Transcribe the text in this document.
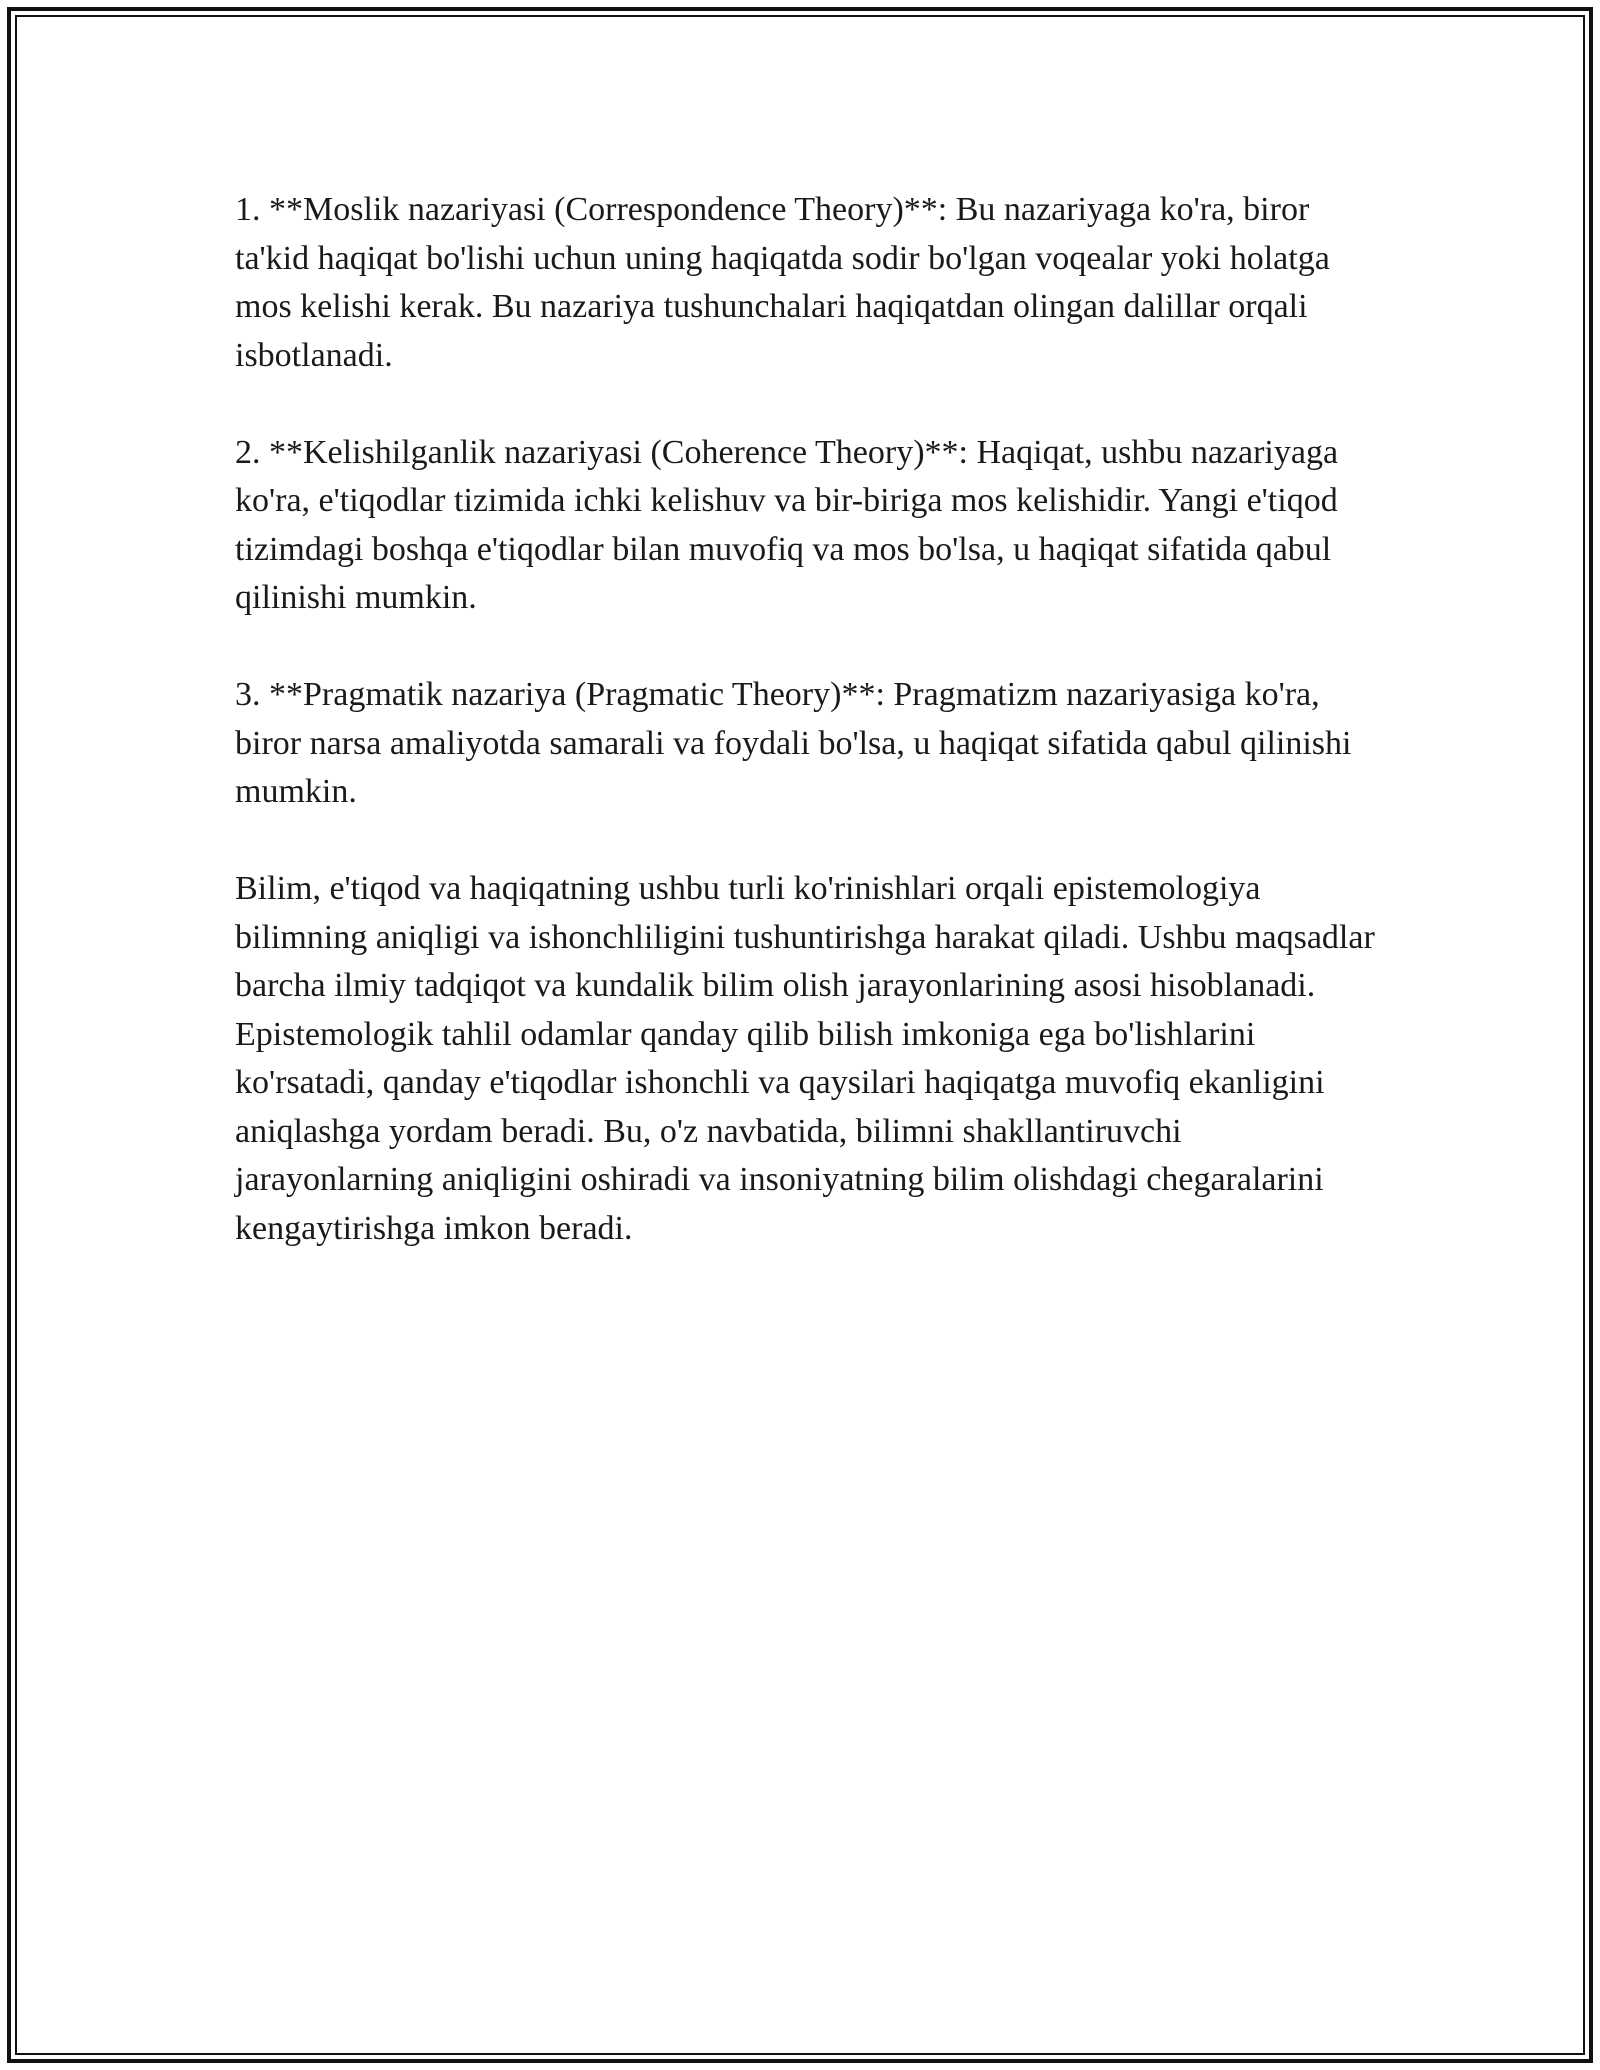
1. **Moslik nazariyasi (Correspondence Theory)**: Bu nazariyaga ko'ra, biror ta'kid haqiqat bo'lishi uchun uning haqiqatda sodir bo'lgan voqealar yoki holatga mos kelishi kerak. Bu nazariya tushunchalari haqiqatdan olingan dalillar orqali isbotlanadi.

2. **Kelishilganlik nazariyasi (Coherence Theory)**: Haqiqat, ushbu nazariyaga ko'ra, e'tiqodlar tizimida ichki kelishuv va bir-biriga mos kelishidir. Yangi e'tiqod tizimdagi boshqa e'tiqodlar bilan muvofiq va mos bo'lsa, u haqiqat sifatida qabul qilinishi mumkin.

3. **Pragmatik nazariya (Pragmatic Theory)**: Pragmatizm nazariyasiga ko'ra, biror narsa amaliyotda samarali va foydali bo'lsa, u haqiqat sifatida qabul qilinishi mumkin.

Bilim, e'tiqod va haqiqatning ushbu turli ko'rinishlari orqali epistemologiya bilimning aniqligi va ishonchliligini tushuntirishga harakat qiladi. Ushbu maqsadlar barcha ilmiy tadqiqot va kundalik bilim olish jarayonlarining asosi hisoblanadi. Epistemologik tahlil odamlar qanday qilib bilish imkoniga ega bo'lishlarini ko'rsatadi, qanday e'tiqodlar ishonchli va qaysilari haqiqatga muvofiq ekanligini aniqlashga yordam beradi. Bu, o'z navbatida, bilimni shakllantiruvchi jarayonlarning aniqligini oshiradi va insoniyatning bilim olishdagi chegaralarini kengaytirishga imkon beradi.
